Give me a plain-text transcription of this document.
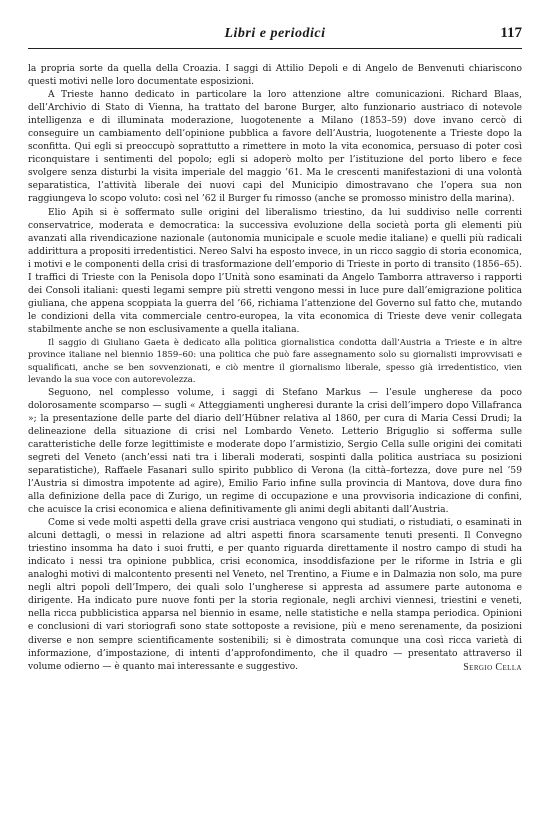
Libri e periodici	117

la propria sorte da quella della Croazia. I saggi di Attilio Depoli e di Angelo de Benvenuti chiariscono questi motivi nelle loro documentate esposizioni.

A Trieste hanno dedicato in particolare la loro attenzione altre comunicazioni. Richard Blaas, dell’Archivio di Stato di Vienna, ha trattato del barone Burger, alto funzionario austriaco di notevole intelligenza e di illuminata moderazione, luogotenente a Milano (1853–59) dove invano cercò di conseguire un cambiamento dell’opinione pubblica a favore dell’Austria, luogotenente a Trieste dopo la sconfitta. Qui egli si preoccupò soprattutto a rimettere in moto la vita economica, persuaso di poter così riconquistare i sentimenti del popolo; egli si adoperò molto per l’istituzione del porto libero e fece svolgere senza disturbi la visita imperiale del maggio ’61. Ma le crescenti manifestazioni di una volontà separatistica, l’attività liberale dei nuovi capi del Municipio dimostravano che l’opera sua non raggiungeva lo scopo voluto: così nel ’62 il Burger fu rimosso (anche se promosso ministro della marina).

Elio Apih si è soffermato sulle origini del liberalismo triestino, da lui suddiviso nelle correnti conservatrice, moderata e democratica: la successiva evoluzione della società porta gli elementi più avanzati alla rivendicazione nazionale (autonomia municipale e scuole medie italiane) e quelli più radicali addirittura a propositi irredentistici. Nereo Salvi ha esposto invece, in un ricco saggio di storia economica, i motivi e le componenti della crisi di trasformazione dell’emporio di Trieste in porto di transito (1856–65). I traffici di Trieste con la Penisola dopo l’Unità sono esaminati da Angelo Tamborra attraverso i rapporti dei Consoli italiani: questi legami sempre più stretti vengono messi in luce pure dall’emigrazione politica giuliana, che appena scoppiata la guerra del ’66, richiama l’attenzione del Governo sul fatto che, mutando le condizioni della vita commerciale centro-europea, la vita economica di Trieste deve venir collegata stabilmente anche se non esclusivamente a quella italiana.

Il saggio di Giuliano Gaeta è dedicato alla politica giornalistica condotta dall’Austria a Trieste e in altre province italiane nel biennio 1859–60: una politica che può fare assegnamento solo su giornalisti improvvisati e squalificati, anche se ben sovvenzionati, e ciò mentre il giornalismo liberale, spesso già irredentistico, vien levando la sua voce con autorevolezza.

Seguono, nel complesso volume, i saggi di Stefano Markus — l’esule ungherese da poco dolorosamente scomparso — sugli « Atteggiamenti ungheresi durante la crisi dell’impero dopo Villafranca »; la presentazione delle parte del diario dell’Hübner relativa al 1860, per cura di Maria Cessi Drudi; la delineazione della situazione di crisi nel Lombardo Veneto. Letterio Briguglio si sofferma sulle caratteristiche delle forze legittimiste e moderate dopo l’armistizio, Sergio Cella sulle origini dei comitati segreti del Veneto (anch’essi nati tra i liberali moderati, sospinti dalla politica austriaca su posizioni separatistiche), Raffaele Fasanari sullo spirito pubblico di Verona (la città–fortezza, dove pure nel ’59 l’Austria si dimostra impotente ad agire), Emilio Fario infine sulla provincia di Mantova, dove dura fino alla definizione della pace di Zurigo, un regime di occupazione e una provvisoria indicazione di confini, che acuisce la crisi economica e aliena definitivamente gli animi degli abitanti dall’Austria.

Come si vede molti aspetti della grave crisi austriaca vengono qui studiati, o ristudiati, o esaminati in alcuni dettagli, o messi in relazione ad altri aspetti finora scarsamente tenuti presenti. Il Convegno triestino insomma ha dato i suoi frutti, e per quanto riguarda direttamente il nostro campo di studi ha indicato i nessi tra opinione pubblica, crisi economica, insoddisfazione per le riforme in Istria e gli analoghi motivi di malcontento presenti nel Veneto, nel Trentino, a Fiume e in Dalmazia non solo, ma pure negli altri popoli dell’Impero, dei quali solo l’ungherese si appresta ad assumere parte autonoma e dirigente. Ha indicato pure nuove fonti per la storia regionale, negli archivi viennesi, triestini e veneti, nella ricca pubblicistica apparsa nel biennio in esame, nelle statistiche e nella stampa periodica. Opinioni e conclusioni di vari storiografi sono state sottoposte a revisione, più e meno serenamente, da posizioni diverse e non sempre scientificamente sostenibili; si è dimostrata comunque una così ricca varietà di informazione, d’impostazione, di intenti d’approfondimento, che il quadro — presentato attraverso il volume odierno — è quanto mai interessante e suggestivo.	Sergio Cella
